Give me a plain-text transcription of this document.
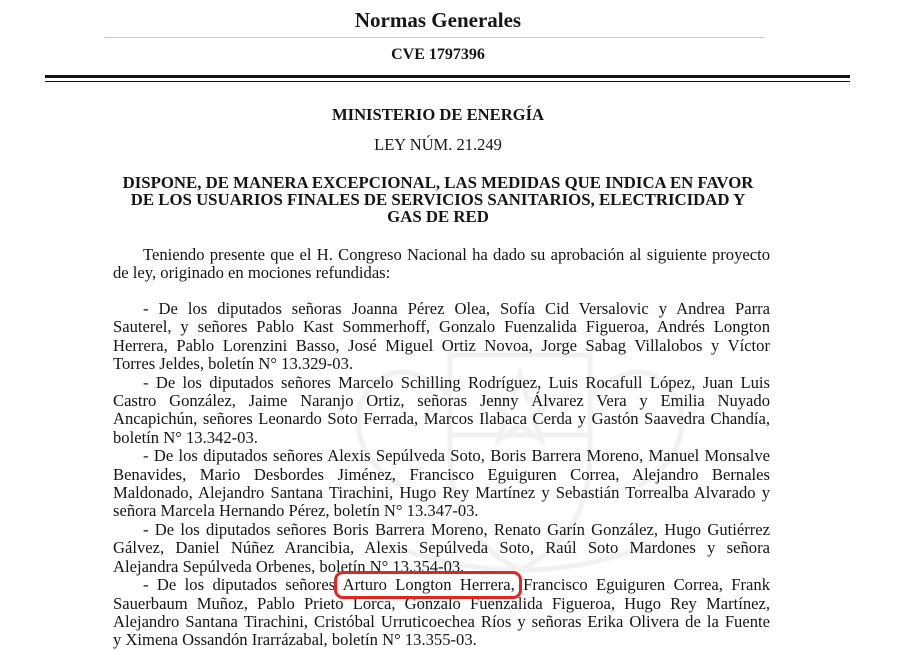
Normas Generales
CVE 1797396
MINISTERIO DE ENERGÍA
LEY NÚM. 21.249
DISPONE, DE MANERA EXCEPCIONAL, LAS MEDIDAS QUE INDICA EN FAVOR
DE LOS USUARIOS FINALES DE SERVICIOS SANITARIOS, ELECTRICIDAD Y
GAS DE RED
Teniendo presente que el H. Congreso Nacional ha dado su aprobación al siguiente proyecto
de ley, originado en mociones refundidas:
- De los diputados señoras Joanna Pérez Olea, Sofía Cid Versalovic y Andrea Parra
Sauterel, y señores Pablo Kast Sommerhoff, Gonzalo Fuenzalida Figueroa, Andrés Longton
Herrera, Pablo Lorenzini Basso, José Miguel Ortiz Novoa, Jorge Sabag Villalobos y Víctor
Torres Jeldes, boletín N° 13.329-03.
- De los diputados señores Marcelo Schilling Rodríguez, Luis Rocafull López, Juan Luis
Castro González, Jaime Naranjo Ortiz, señoras Jenny Álvarez Vera y Emilia Nuyado
Ancapichún, señores Leonardo Soto Ferrada, Marcos Ilabaca Cerda y Gastón Saavedra Chandía,
boletín N° 13.342-03.
- De los diputados señores Alexis Sepúlveda Soto, Boris Barrera Moreno, Manuel Monsalve
Benavides, Mario Desbordes Jiménez, Francisco Eguiguren Correa, Alejandro Bernales
Maldonado, Alejandro Santana Tirachini, Hugo Rey Martínez y Sebastián Torrealba Alvarado y
señora Marcela Hernando Pérez, boletín N° 13.347-03.
- De los diputados señores Boris Barrera Moreno, Renato Garín González, Hugo Gutiérrez
Gálvez, Daniel Núñez Arancibia, Alexis Sepúlveda Soto, Raúl Soto Mardones y señora
Alejandra Sepúlveda Orbenes, boletín N° 13.354-03.
- De los diputados señores Arturo Longton Herrera, Francisco Eguiguren Correa, Frank
Sauerbaum Muñoz, Pablo Prieto Lorca, Gonzalo Fuenzalida Figueroa, Hugo Rey Martínez,
Alejandro Santana Tirachini, Cristóbal Urruticoechea Ríos y señoras Erika Olivera de la Fuente
y Ximena Ossandón Irarrázabal, boletín N° 13.355-03.
